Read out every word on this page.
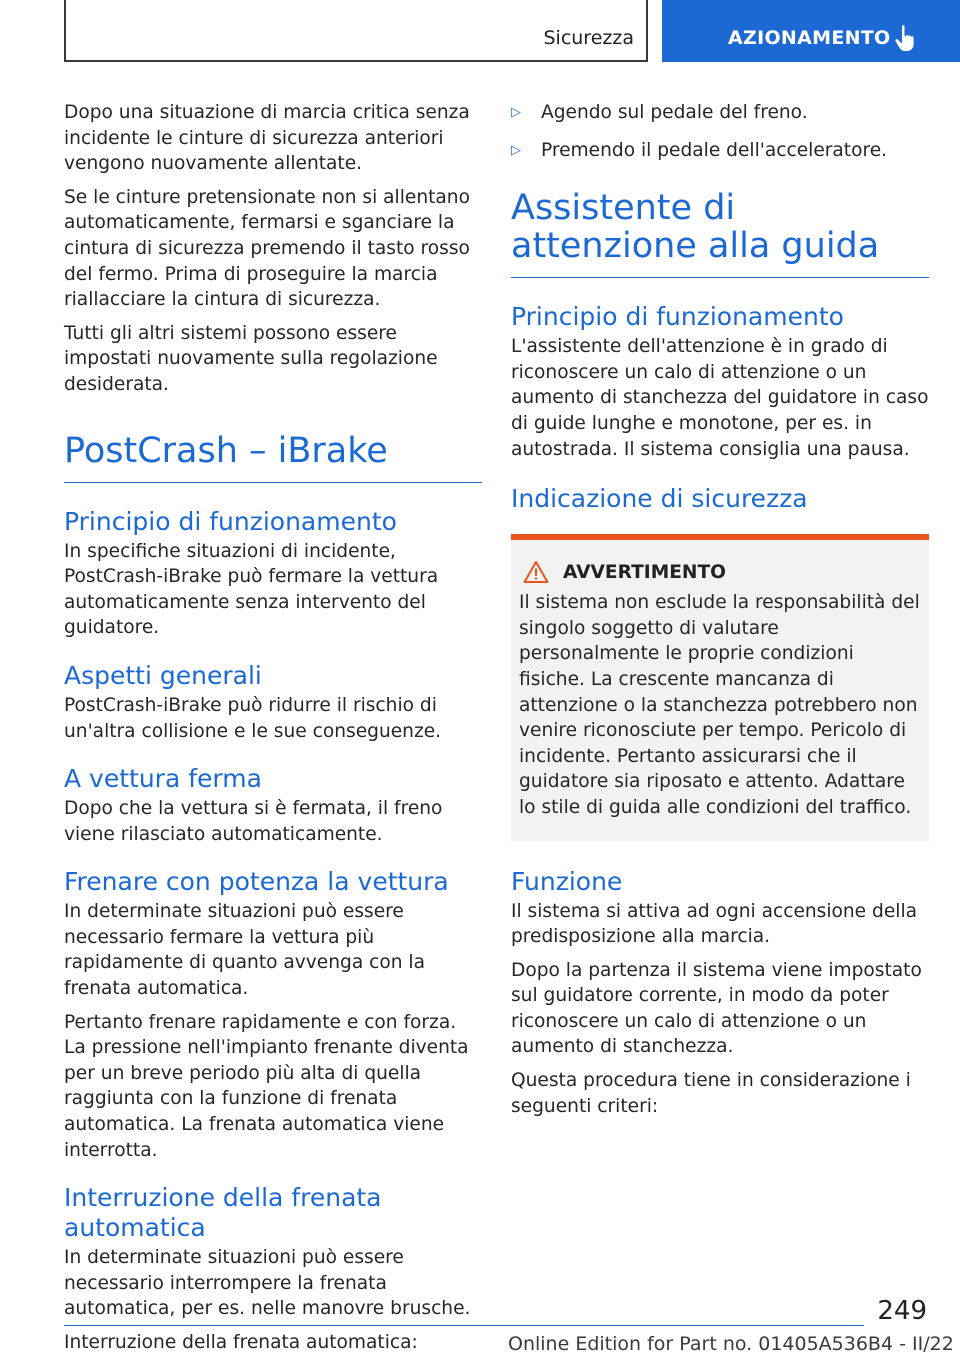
Sicurezza	AZIONAMENTO

Dopo una situazione di marcia critica senza incidente le cinture di sicurezza anteriori vengono nuovamente allentate.

Se le cinture pretensionate non si allentano automaticamente, fermarsi e sganciare la cintura di sicurezza premendo il tasto rosso del fermo. Prima di proseguire la marcia riallacciare la cintura di sicurezza.

Tutti gli altri sistemi possono essere impostati nuovamente sulla regolazione desiderata.

PostCrash – iBrake
Principio di funzionamento

In specifiche situazioni di incidente, PostCrash-iBrake può fermare la vettura automaticamente senza intervento del guidatore.

Aspetti generali

PostCrash-iBrake può ridurre il rischio di un'altra collisione e le sue conseguenze.

A vettura ferma

Dopo che la vettura si è fermata, il freno viene rilasciato automaticamente.

Frenare con potenza la vettura

In determinate situazioni può essere necessario fermare la vettura più rapidamente di quanto avvenga con la frenata automatica.

Pertanto frenare rapidamente e con forza. La pressione nell'impianto frenante diventa per un breve periodo più alta di quella raggiunta con la funzione di frenata automatica. La frenata automatica viene interrotta.

Interruzione della frenata automatica

In determinate situazioni può essere necessario interrompere la frenata automatica, per es. nelle manovre brusche.

Interruzione della frenata automatica:

▷	Agendo sul pedale del freno.
▷	Premendo il pedale dell'acceleratore.
Assistente di attenzione alla guida
Principio di funzionamento

L'assistente dell'attenzione è in grado di riconoscere un calo di attenzione o un aumento di stanchezza del guidatore in caso di guide lunghe e monotone, per es. in autostrada. Il sistema consiglia una pausa.

Indicazione di sicurezza
AVVERTIMENTO

Il sistema non esclude la responsabilità del singolo soggetto di valutare personalmente le proprie condizioni fisiche. La crescente mancanza di attenzione o la stanchezza potrebbero non venire riconosciute per tempo. Pericolo di incidente. Pertanto assicurarsi che il guidatore sia riposato e attento. Adattare lo stile di guida alle condizioni del traffico.

Funzione

Il sistema si attiva ad ogni accensione della predisposizione alla marcia.

Dopo la partenza il sistema viene impostato sul guidatore corrente, in modo da poter riconoscere un calo di attenzione o un aumento di stanchezza.

Questa procedura tiene in considerazione i seguenti criteri:

249
Online Edition for Part no. 01405A536B4 - II/22
